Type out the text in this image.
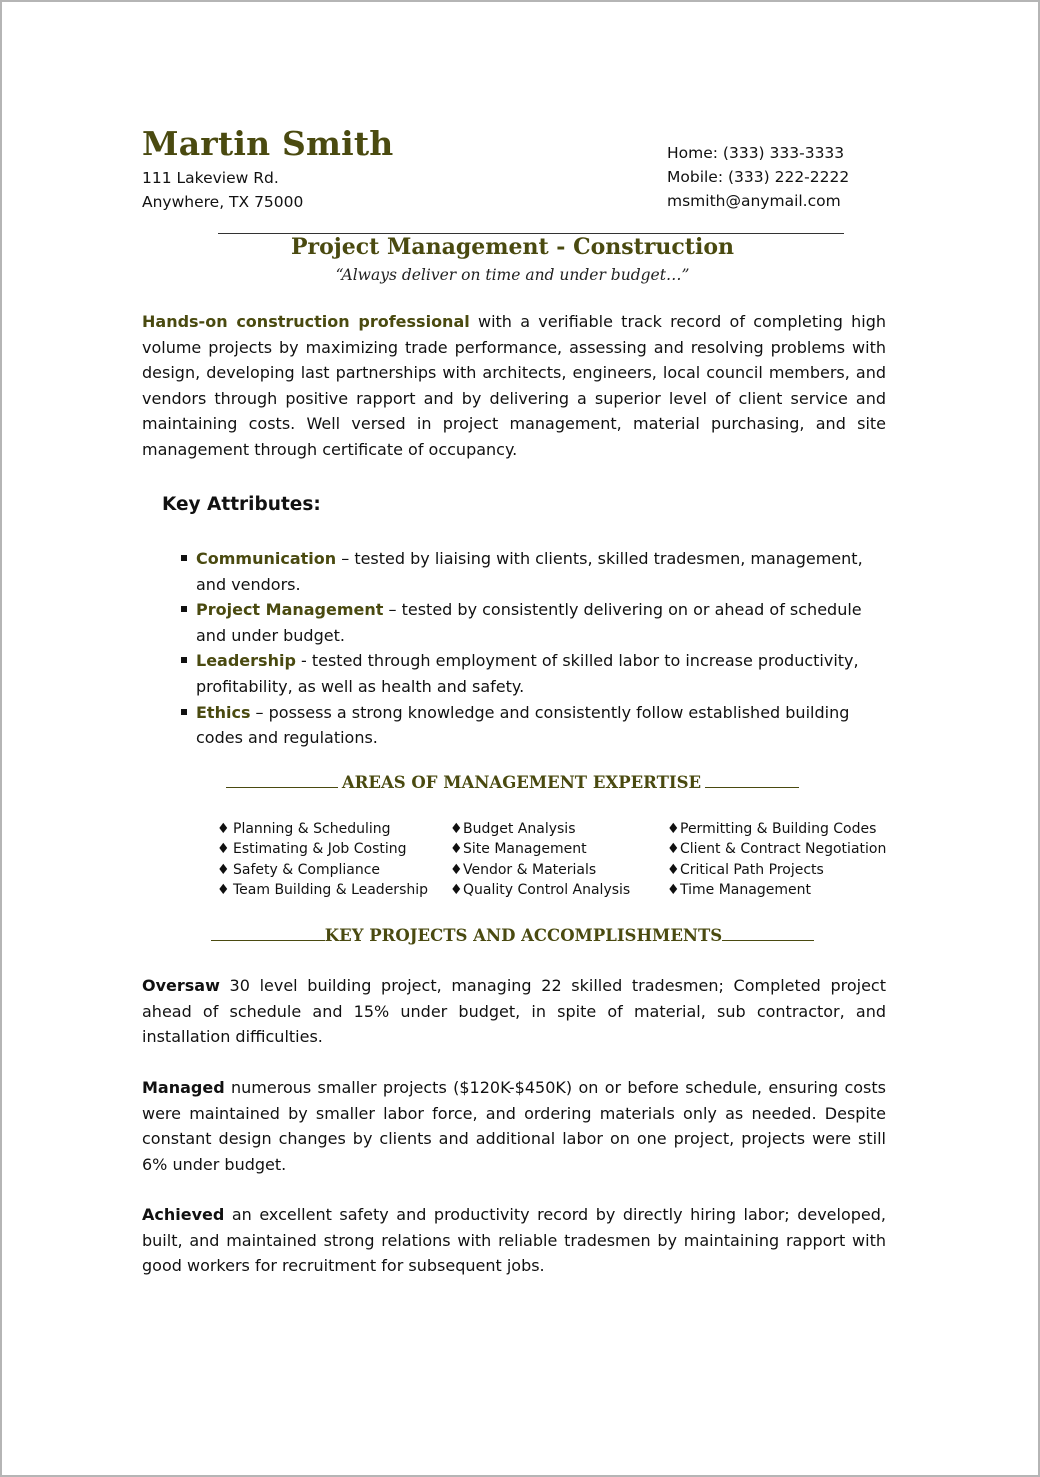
Martin Smith
111 Lakeview Rd.
Anywhere, TX 75000
Home: (333) 333-3333
Mobile: (333) 222-2222
msmith@anymail.com
Project Management - Construction
“Always deliver on time and under budget…”
Hands-on construction professional with a verifiable track record of completing high volume projects by maximizing trade performance, assessing and resolving problems with design, developing last partnerships with architects, engineers, local council members, and vendors through positive rapport and by delivering a superior level of client service and maintaining costs. Well versed in project management, material purchasing, and site management through certificate of occupancy.
Key Attributes:
Communication – tested by liaising with clients, skilled tradesmen, management, and vendors.
Project Management – tested by consistently delivering on or ahead of schedule and under budget.
Leadership - tested through employment of skilled labor to increase productivity, profitability, as well as health and safety.
Ethics – possess a strong knowledge and consistently follow established building codes and regulations.
AREAS OF MANAGEMENT EXPERTISE
♦ Planning & Scheduling
♦ Estimating & Job Costing
♦ Safety & Compliance
♦ Team Building & Leadership
♦Budget Analysis
♦Site Management
♦Vendor & Materials
♦Quality Control Analysis
♦Permitting & Building Codes
♦Client & Contract Negotiation
♦Critical Path Projects
♦Time Management
KEY PROJECTS AND ACCOMPLISHMENTS
Oversaw 30 level building project, managing 22 skilled tradesmen; Completed project ahead of schedule and 15% under budget, in spite of material, sub contractor, and installation difficulties.
Managed numerous smaller projects ($120K-$450K) on or before schedule, ensuring costs were maintained by smaller labor force, and ordering materials only as needed. Despite constant design changes by clients and additional labor on one project, projects were still 6% under budget.
Achieved an excellent safety and productivity record by directly hiring labor; developed, built, and maintained strong relations with reliable tradesmen by maintaining rapport with good workers for recruitment for subsequent jobs.
